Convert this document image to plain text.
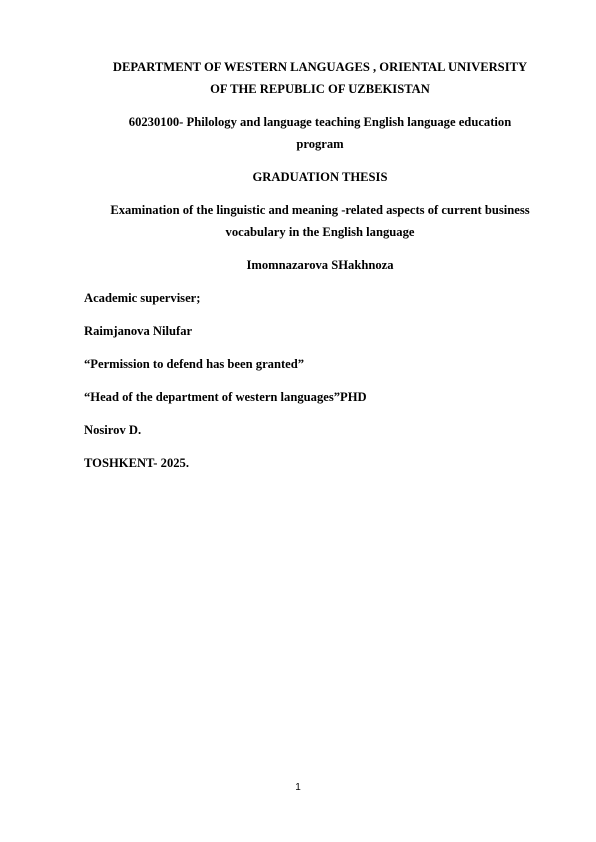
DEPARTMENT OF WESTERN LANGUAGES , ORIENTAL UNIVERSITY

OF THE REPUBLIC OF UZBEKISTAN

60230100- Philology and language teaching English language education

program

GRADUATION THESIS

Examination of the linguistic and meaning -related aspects of current business

vocabulary in the English language

Imomnazarova SHakhnoza

Academic superviser;

Raimjanova Nilufar

“Permission to defend has been granted”

“Head of the department of western languages”PHD

Nosirov D.

TOSHKENT- 2025.

1
